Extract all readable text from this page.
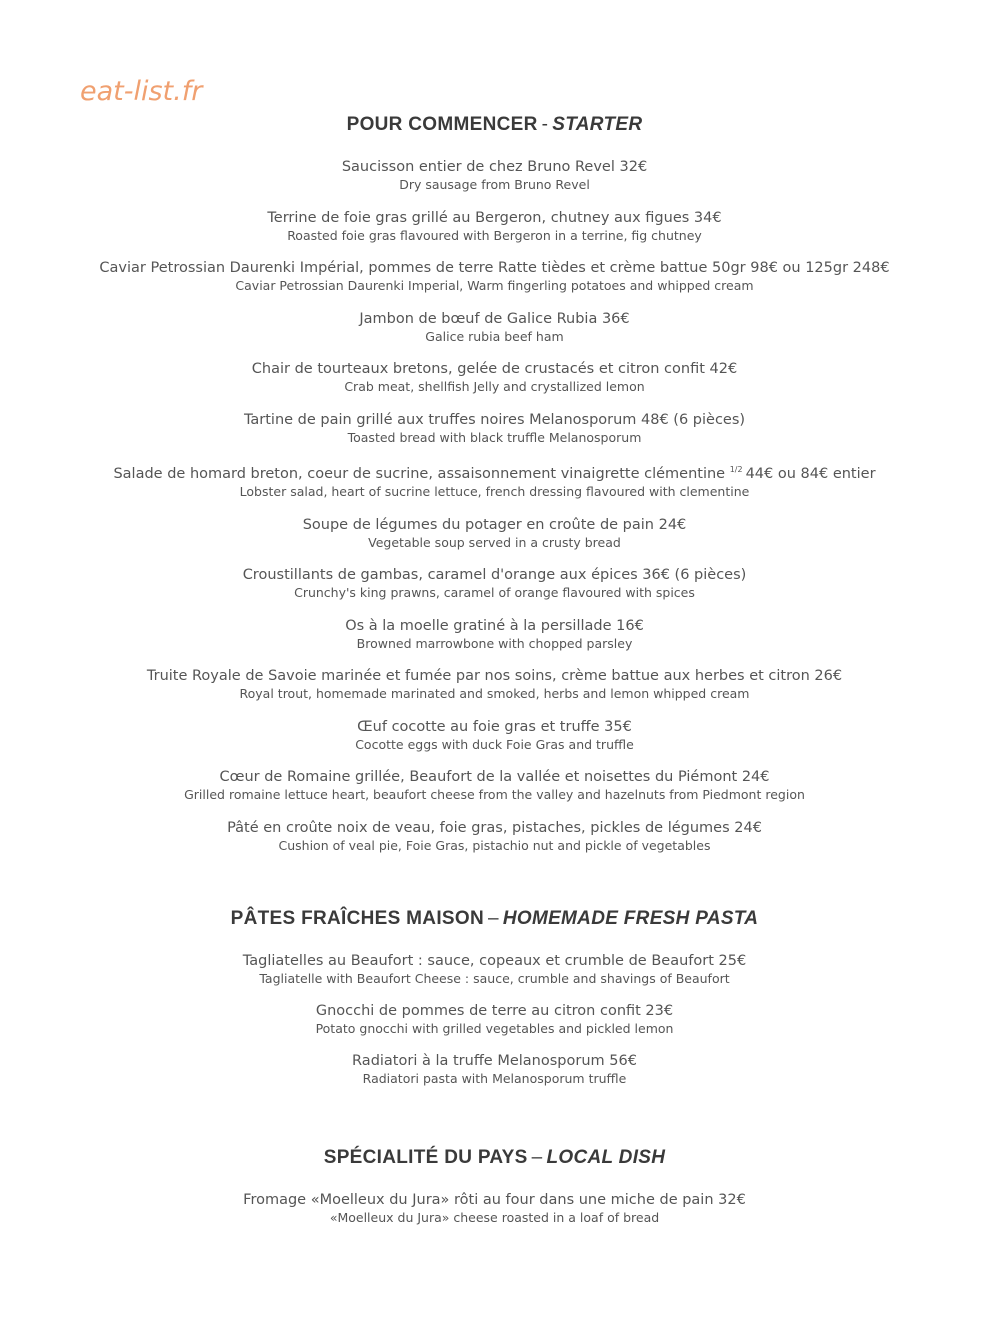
eat-list.fr
POUR COMMENCER - STARTER
Saucisson entier de chez Bruno Revel 32€
Dry sausage from Bruno Revel
Terrine de foie gras grillé au Bergeron, chutney aux figues 34€
Roasted foie gras flavoured with Bergeron in a terrine, fig chutney
Caviar Petrossian Daurenki Impérial, pommes de terre Ratte tièdes et crème battue 50gr 98€ ou 125gr 248€
Caviar Petrossian Daurenki Imperial, Warm fingerling potatoes and whipped cream
Jambon de bœuf de Galice Rubia 36€
Galice rubia beef ham
Chair de tourteaux bretons, gelée de crustacés et citron confit 42€
Crab meat, shellfish Jelly and crystallized lemon
Tartine de pain grillé aux truffes noires Melanosporum 48€ (6 pièces)
Toasted bread with black truffle Melanosporum
Salade de homard breton, coeur de sucrine, assaisonnement vinaigrette clémentine $^{1/2}$ 44€ ou 84€ entier
Lobster salad, heart of sucrine lettuce, french dressing flavoured with clementine
Soupe de légumes du potager en croûte de pain 24€
Vegetable soup served in a crusty bread
Croustillants de gambas, caramel d'orange aux épices 36€ (6 pièces)
Crunchy's king prawns, caramel of orange flavoured with spices
Os à la moelle gratiné à la persillade 16€
Browned marrowbone with chopped parsley
Truite Royale de Savoie marinée et fumée par nos soins, crème battue aux herbes et citron 26€
Royal trout, homemade marinated and smoked, herbs and lemon whipped cream
Œuf cocotte au foie gras et truffe 35€
Cocotte eggs with duck Foie Gras and truffle
Cœur de Romaine grillée, Beaufort de la vallée et noisettes du Piémont 24€
Grilled romaine lettuce heart, beaufort cheese from the valley and hazelnuts from Piedmont region
Pâté en croûte noix de veau, foie gras, pistaches, pickles de légumes 24€
Cushion of veal pie, Foie Gras, pistachio nut and pickle of vegetables
PÂTES FRAÎCHES MAISON – HOMEMADE FRESH PASTA
Tagliatelles au Beaufort : sauce, copeaux et crumble de Beaufort 25€
Tagliatelle with Beaufort Cheese : sauce, crumble and shavings of Beaufort
Gnocchi de pommes de terre au citron confit 23€
Potato gnocchi with grilled vegetables and pickled lemon
Radiatori à la truffe Melanosporum 56€
Radiatori pasta with Melanosporum truffle
SPÉCIALITÉ DU PAYS – LOCAL DISH
Fromage «Moelleux du Jura» rôti au four dans une miche de pain 32€
«Moelleux du Jura» cheese roasted in a loaf of bread
